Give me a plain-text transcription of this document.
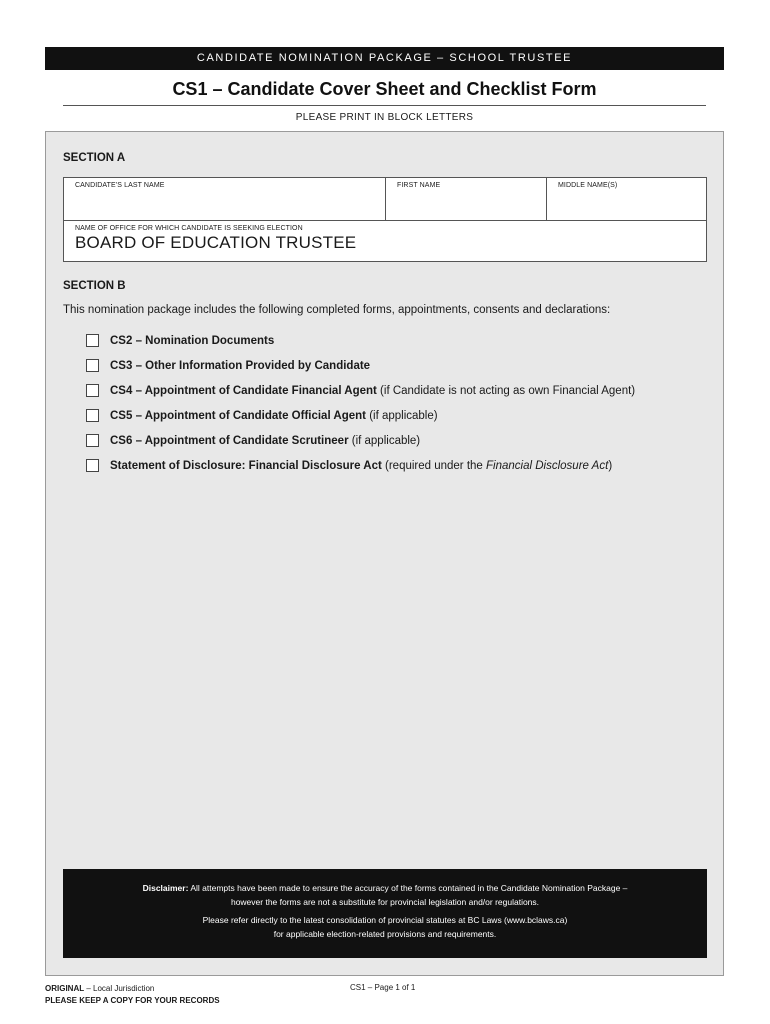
CANDIDATE NOMINATION PACKAGE – SCHOOL TRUSTEE
CS1 – Candidate Cover Sheet and Checklist Form
PLEASE PRINT IN BLOCK LETTERS
SECTION A
CANDIDATE'S LAST NAME	FIRST NAME	MIDDLE NAME(S)
NAME OF OFFICE FOR WHICH CANDIDATE IS SEEKING ELECTION
BOARD OF EDUCATION TRUSTEE
SECTION B
This nomination package includes the following completed forms, appointments, consents and declarations:
CS2 – Nomination Documents
CS3 – Other Information Provided by Candidate
CS4 – Appointment of Candidate Financial Agent (if Candidate is not acting as own Financial Agent)
CS5 – Appointment of Candidate Official Agent (if applicable)
CS6 – Appointment of Candidate Scrutineer (if applicable)
Statement of Disclosure: Financial Disclosure Act (required under the Financial Disclosure Act )

Disclaimer: All attempts have been made to ensure the accuracy of the forms contained in the Candidate Nomination Package –
however the forms are not a substitute for provincial legislation and/or regulations.

Please refer directly to the latest consolidation of provincial statutes at BC Laws (www.bclaws.ca)
for applicable election-related provisions and requirements.

ORIGINAL – Local Jurisdiction
PLEASE KEEP A COPY FOR YOUR RECORDS
CS1 – Page 1 of 1
